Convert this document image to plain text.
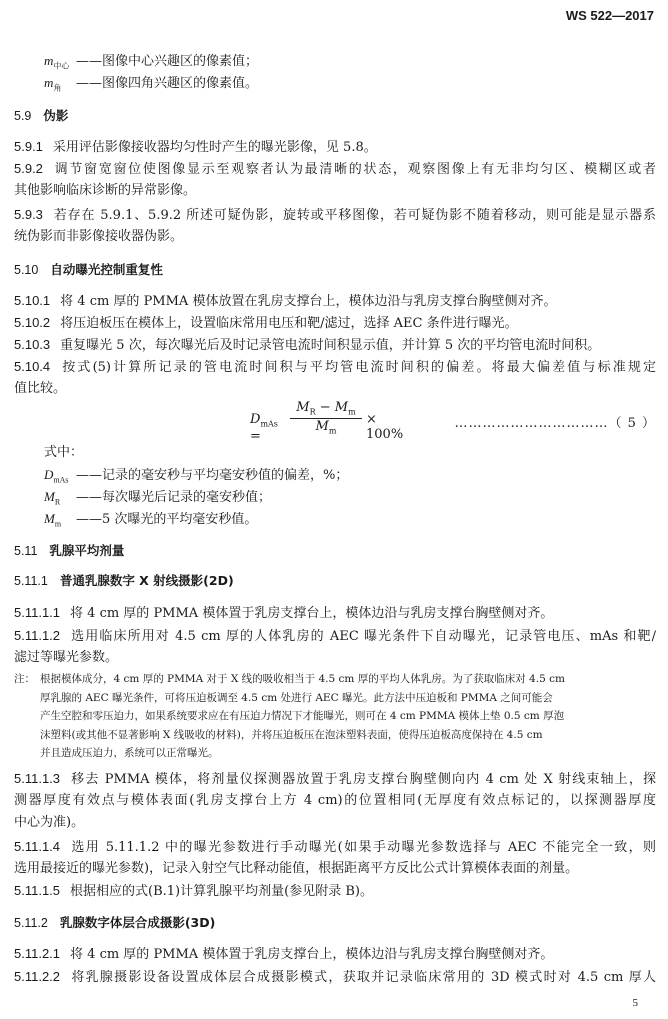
WS 522—2017
$m_{中心}$ ——图像中心兴趣区的像素值；
$m_角$ ——图像四角兴趣区的像素值。
5.9 伪影
5.9.1 采用评估影像接收器均匀性时产生的曝光影像，见 5.8。
5.9.2 调节窗宽窗位使图像显示至观察者认为最清晰的状态，观察图像上有无非均匀区、模糊区或者
其他影响临床诊断的异常影像。
5.9.3 若存在 5.9.1、5.9.2 所述可疑伪影，旋转或平移图像，若可疑伪影不随着移动，则可能是显示器系
统伪影而非影像接收器伪影。
5.10 自动曝光控制重复性
5.10.1 将 4 cm 厚的 PMMA 模体放置在乳房支撑台上，模体边沿与乳房支撑台胸壁侧对齐。
5.10.2 将压迫板压在模体上，设置临床常用电压和靶/滤过，选择 AEC 条件进行曝光。
5.10.3 重复曝光 5 次，每次曝光后及时记录管电流时间积显示值，并计算 5 次的平均管电流时间积。
5.10.4 按式(5)计算所记录的管电流时间积与平均管电流时间积的偏差。将最大偏差值与标准规定
值比较。
$D_{mAs}$ =
$\frac{M_R - M_m}{M_m} \times 100\%$
……………………………（ 5 ）
式中：
$D_{mAs}$ ——记录的毫安秒与平均毫安秒值的偏差，%；
$M_R$ ——每次曝光后记录的毫安秒值；
$M_m$ ——5 次曝光的平均毫安秒值。
5.11 乳腺平均剂量
5.11.1 普通乳腺数字 X 射线摄影(2D)
5.11.1.1 将 4 cm 厚的 PMMA 模体置于乳房支撑台上，模体边沿与乳房支撑台胸壁侧对齐。
5.11.1.2 选用临床所用对 4.5 cm 厚的人体乳房的 AEC 曝光条件下自动曝光，记录管电压、mAs 和靶/
滤过等曝光参数。
注： 根据模体成分，4 cm 厚的 PMMA 对于 X 线的吸收相当于 4.5 cm 厚的平均人体乳房。为了获取临床对 4.5 cm
厚乳腺的 AEC 曝光条件，可将压迫板调至 4.5 cm 处进行 AEC 曝光。此方法中压迫板和 PMMA 之间可能会
产生空腔和零压迫力，如果系统要求应在有压迫力情况下才能曝光，则可在 4 cm PMMA 模体上垫 0.5 cm 厚泡
沫塑料(或其他不显著影响 X 线吸收的材料)，并将压迫板压在泡沫塑料表面，使得压迫板高度保持在 4.5 cm
并且造成压迫力，系统可以正常曝光。
5.11.1.3 移去 PMMA 模体，将剂量仪探测器放置于乳房支撑台胸壁侧向内 4 cm 处 X 射线束轴上，探
测器厚度有效点与模体表面(乳房支撑台上方 4 cm)的位置相同(无厚度有效点标记的，以探测器厚度
中心为准)。
5.11.1.4 选用 5.11.1.2 中的曝光参数进行手动曝光(如果手动曝光参数选择与 AEC 不能完全一致，则
选用最接近的曝光参数)，记录入射空气比释动能值，根据距离平方反比公式计算模体表面的剂量。
5.11.1.5 根据相应的式(B.1)计算乳腺平均剂量(参见附录 B)。
5.11.2 乳腺数字体层合成摄影(3D)
5.11.2.1 将 4 cm 厚的 PMMA 模体置于乳房支撑台上，模体边沿与乳房支撑台胸壁侧对齐。
5.11.2.2 将乳腺摄影设备设置成体层合成摄影模式，获取并记录临床常用的 3D 模式时对 4.5 cm 厚人
5
